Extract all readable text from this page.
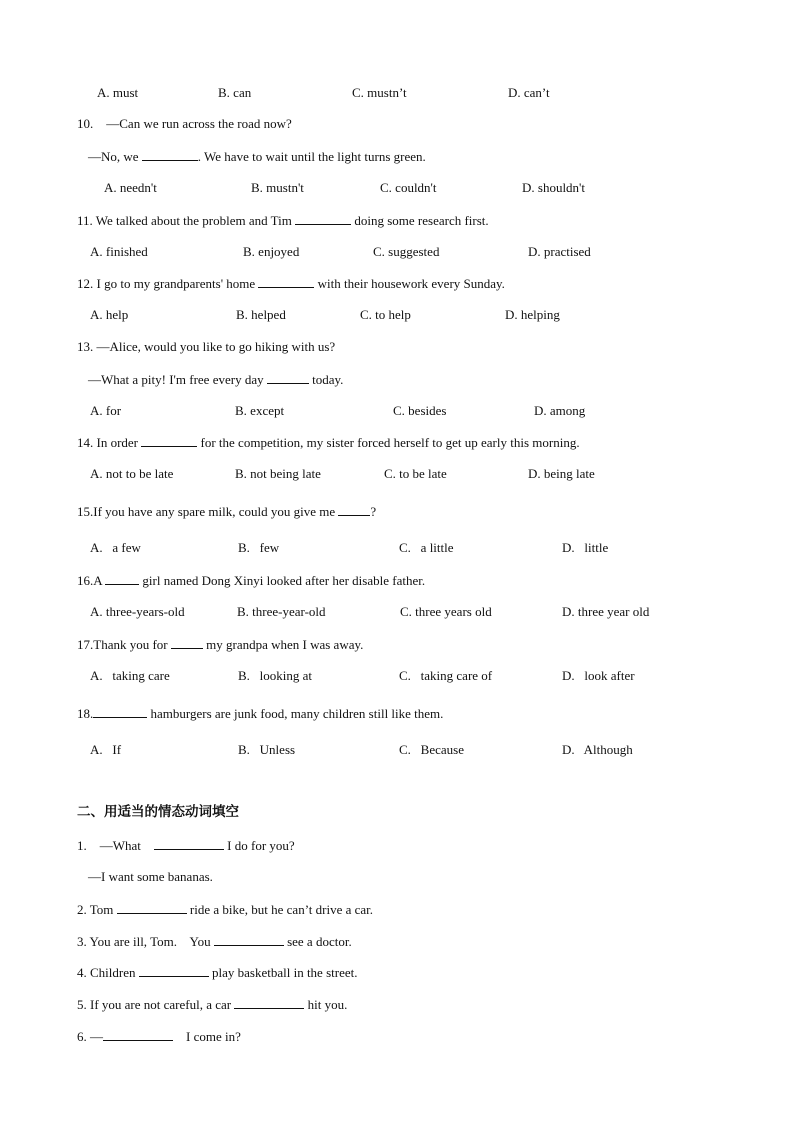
A. must	B. can	C. mustn’t	D. can’t
10.    —Can we run across the road now?
—No, we	. We have to wait until the light turns green.
A. needn't	B. mustn't	C. couldn't	D. shouldn't
11. We talked about the problem and Tim	doing some research first.
A. finished	B. enjoyed	C. suggested	D. practised
12. I go to my grandparents' home	with their housework every Sunday.
A. help	B. helped	C. to help	D. helping
13. —Alice, would you like to go hiking with us?
—What a pity! I'm free every day	today.
A. for	B. except	C. besides	D. among
14. In order	for the competition, my sister forced herself to get up early this morning.
A. not to be late	B. not being late	C. to be late	D. being late
15.If you have any spare milk, could you give me ?
A.   a few	B.   few	C.   a little	D.   little
16.A	girl named Dong Xinyi looked after her disable father.
A. three-years-old	B. three-year-old	C. three years old	D. three year old
17.Thank you for  my grandpa when I was away.
A.   taking care	B.   looking at	C.   taking care of	D.   look after
18.	hamburgers are junk food, many children still like them.
A.   If	B.   Unless	C.   Because	D.   Although
二、用适当的情态动词填空
1.    —What	I do for you?
—I want some bananas.
2. Tom	ride a bike, but he can’t drive a car.
3. You are ill, Tom.    You	see a doctor.
4. Children	play basketball in the street.
5. If you are not careful, a car	hit you.
6. —	I come in?
